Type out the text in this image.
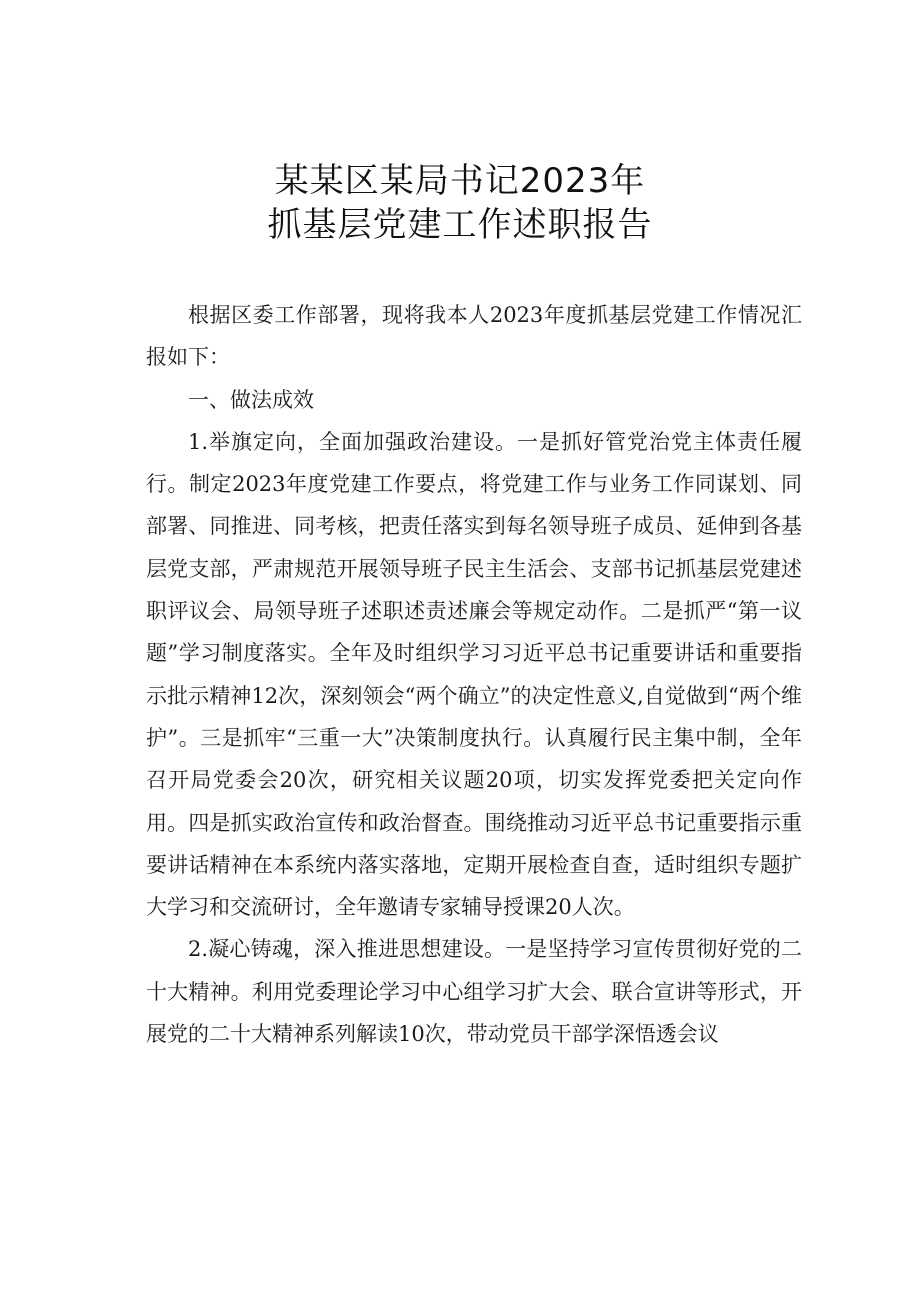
某某区某局书记2023年
抓基层党建工作述职报告

根据区委工作部署，现将我本人2023年度抓基层党建工作情况汇报如下：

一、做法成效

1.举旗定向，全面加强政治建设。一是抓好管党治党主体责任履行。制定2023年度党建工作要点，将党建工作与业务工作同谋划、同部署、同推进、同考核，把责任落实到每名领导班子成员、延伸到各基层党支部，严肃规范开展领导班子民主生活会、支部书记抓基层党建述职评议会、局领导班子述职述责述廉会等规定动作。二是抓严“第一议题”学习制度落实。全年及时组织学习习近平总书记重要讲话和重要指示批示精神12次，深刻领会“两个确立”的决定性意义,自觉做到“两个维护”。三是抓牢“三重一大”决策制度执行。认真履行民主集中制，全年召开局党委会20次，研究相关议题20项，切实发挥党委把关定向作用。四是抓实政治宣传和政治督查。围绕推动习近平总书记重要指示重要讲话精神在本系统内落实落地，定期开展检查自查，适时组织专题扩大学习和交流研讨，全年邀请专家辅导授课20人次。

2.凝心铸魂，深入推进思想建设。一是坚持学习宣传贯彻好党的二十大精神。利用党委理论学习中心组学习扩大会、联合宣讲等形式，开展党的二十大精神系列解读10次，带动党员干部学深悟透会议
